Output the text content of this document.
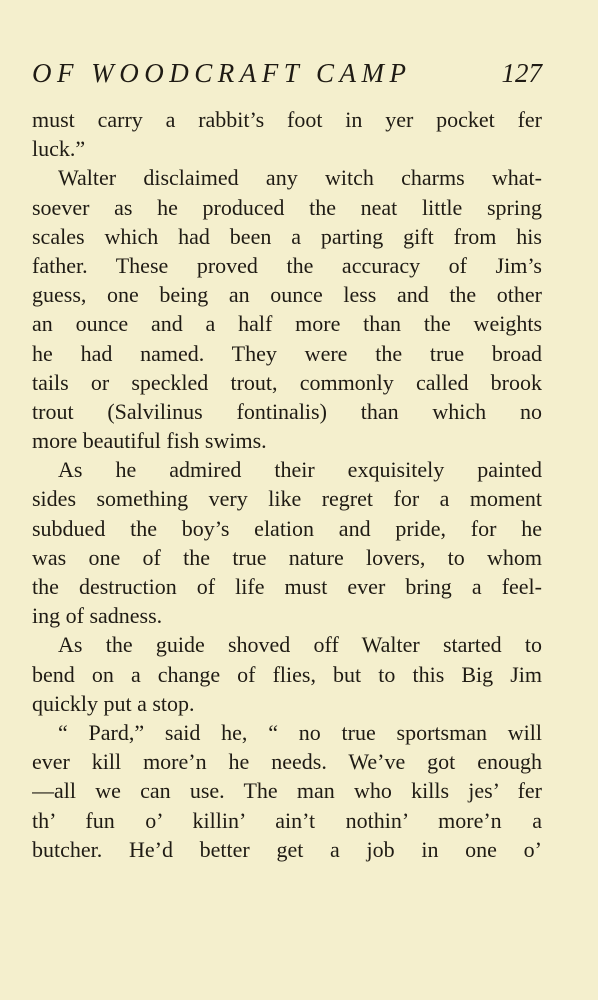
OF WOODCRAFT CAMP	127
must carry a rabbit’s foot in yer pocket fer
luck.”
Walter disclaimed any witch charms what-
soever as he produced the neat little spring
scales which had been a parting gift from his
father. These proved the accuracy of Jim’s
guess, one being an ounce less and the other
an ounce and a half more than the weights
he had named. They were the true broad
tails or speckled trout, commonly called brook
trout (Salvilinus fontinalis) than which no
more beautiful fish swims.
As he admired their exquisitely painted
sides something very like regret for a moment
subdued the boy’s elation and pride, for he
was one of the true nature lovers, to whom
the destruction of life must ever bring a feel-
ing of sadness.
As the guide shoved off Walter started to
bend on a change of flies, but to this Big Jim
quickly put a stop.
“ Pard,” said he, “ no true sportsman will
ever kill more’n he needs. We’ve got enough
—all we can use. The man who kills jes’ fer
th’ fun o’ killin’ ain’t nothin’ more’n a
butcher. He’d better get a job in one o’
